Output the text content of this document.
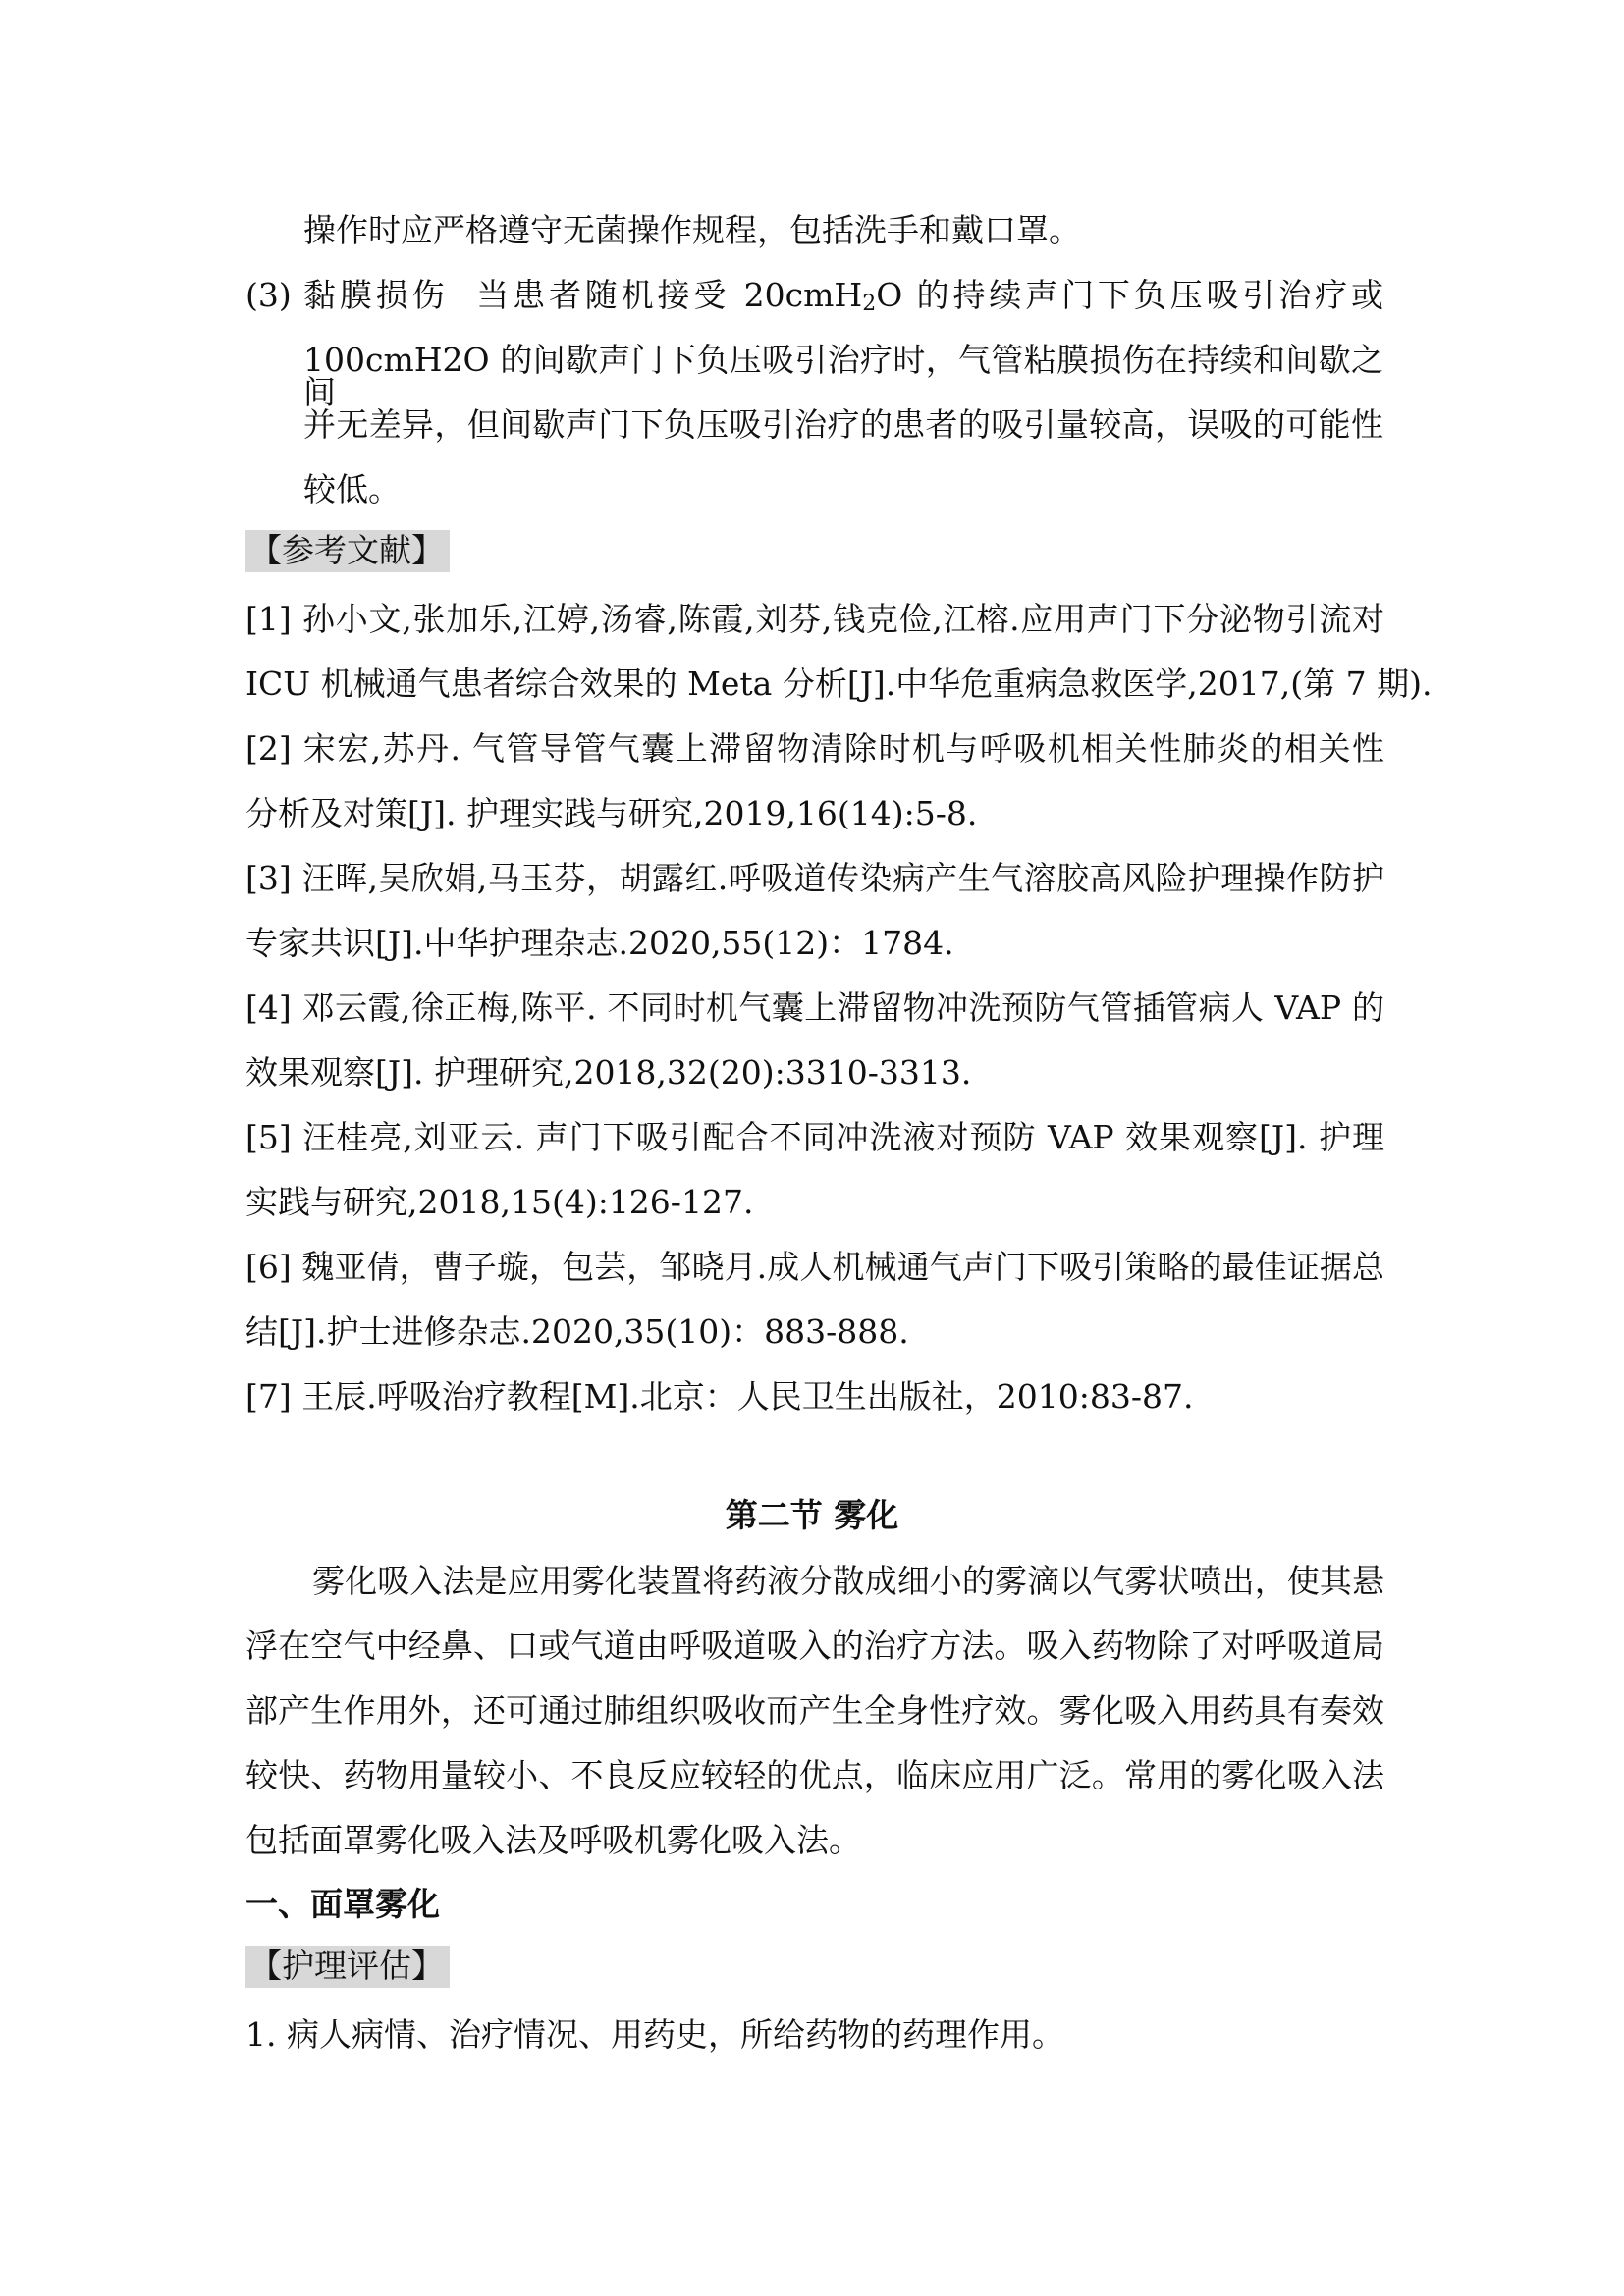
操作时应严格遵守无菌操作规程，包括洗手和戴口罩。
(3) 黏膜损伤 当患者随机接受 20cmH2O 的持续声门下负压吸引治疗或
100cmH2O 的间歇声门下负压吸引治疗时，气管粘膜损伤在持续和间歇之间
并无差异，但间歇声门下负压吸引治疗的患者的吸引量较高，误吸的可能性
较低。
【参考文献】
[1] 孙小文,张加乐,江婷,汤睿,陈霞,刘芬,钱克俭,江榕.应用声门下分泌物引流对
ICU 机械通气患者综合效果的 Meta 分析[J].中华危重病急救医学,2017,(第 7 期).
[2] 宋宏,苏丹. 气管导管气囊上滞留物清除时机与呼吸机相关性肺炎的相关性
分析及对策[J]. 护理实践与研究,2019,16(14):5-8.
[3] 汪晖,吴欣娟,马玉芬，胡露红.呼吸道传染病产生气溶胶高风险护理操作防护
专家共识[J].中华护理杂志.2020,55(12)：1784.
[4] 邓云霞,徐正梅,陈平. 不同时机气囊上滞留物冲洗预防气管插管病人 VAP 的
效果观察[J]. 护理研究,2018,32(20):3310-3313.
[5] 汪桂亮,刘亚云. 声门下吸引配合不同冲洗液对预防 VAP 效果观察[J]. 护理
实践与研究,2018,15(4):126-127.
[6] 魏亚倩，曹子璇，包芸，邹晓月.成人机械通气声门下吸引策略的最佳证据总
结[J].护士进修杂志.2020,35(10)：883-888.
[7] 王辰.呼吸治疗教程[M].北京：人民卫生出版社，2010:83-87.
第二节 雾化
雾化吸入法是应用雾化装置将药液分散成细小的雾滴以气雾状喷出，使其悬
浮在空气中经鼻、口或气道由呼吸道吸入的治疗方法。吸入药物除了对呼吸道局
部产生作用外，还可通过肺组织吸收而产生全身性疗效。雾化吸入用药具有奏效
较快、药物用量较小、不良反应较轻的优点，临床应用广泛。常用的雾化吸入法
包括面罩雾化吸入法及呼吸机雾化吸入法。
一、面罩雾化
【护理评估】
1. 病人病情、治疗情况、用药史，所给药物的药理作用。
